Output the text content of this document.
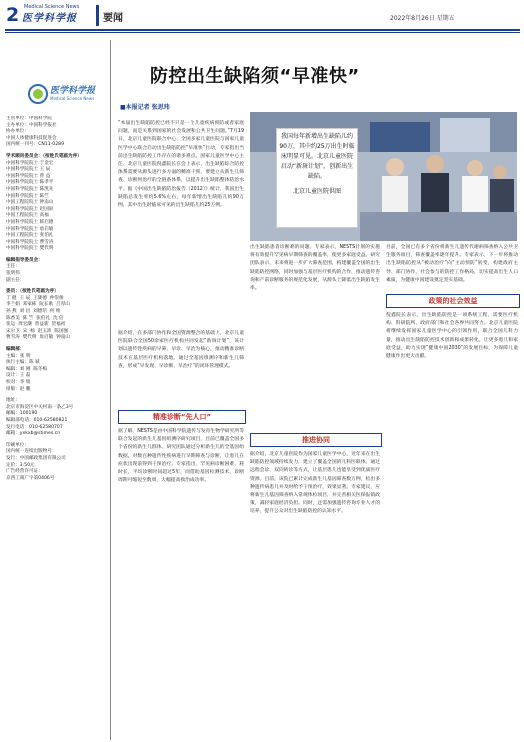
2 Medical Science News
医学科学报	要闻	2022年8月26日 星期五
医学科学报
Medical Science News
主管单位：中国科学院
主办单位：中国科学报社
协办单位：
中国人体健康科技促进会
国内统一刊号：CN11-0289
学术顾问委员会：（按姓氏笔画为序）
中国科学院院士 于金宏
中国科学院院士 王 辰
中国科学院院士 曾 益
中国科学院院士 陈孝平
中国科学院院士 陈凯先
中国科学院院士 陈竺
中国工程院院士 钟南山
中国科学院院士 赵国屏
中国工程院院士 高福
中国科学院院士 韩启德
中国科学院院士 詹启敏
中国工程院院士 张伯礼
中国科学院院士 曹雪涛
中国科学院院士 樊代明
编辑指导委员会：
主任：
张明伟
副主任：
委员：（按姓氏笔画为序）
丁 健  王 辰  王陇德  仲崇俊
李兰娟  邓家栋  阮长耿  吕厚山
孙 燕  刘 昌  刘德培  何 维
陈香美  陈 竺  张伯礼  沈 倍
张运  周宏灏  曾益新  贺福初
宋尔卫  宋  杨  赵玉沛  陈国强
曹雪涛  樊代明  詹启敏  钟南山
编辑部：
主编：张 明
执行主编：陈 斌
编辑：刘 刚  陈冬梅
设计：王 磊
校对：李 娟
排版：赵 鹏
地址：
北京市海淀区中关村南一条乙3号
邮编：100190
编辑部电话：010-62580821
发行电话：010-62580707
邮箱：yxkxb@stimes.cn
印刷单位：
国内统一连续出版物号：
发行：中国邮政集团有限公司
定价：3.50元
广告经营许可证：
京西工商广字第0406号
防控出生缺陷须“早准快”
■本报记者 张思玮
我国每年新增出生缺陷儿约90万，其中约25万出生时临床明显可见。北京儿童医院启动“新斑计划”，创新出生缺陷。
北京儿童医院供图
“本届出生缺陷防控已经不只是一个儿童疾病预防或者家庭问题，而是关系到国家的社会发展和公共卫生问题。”7月19日，北京儿童医院联合中心、全国多家儿童医院与国家儿童医学中心联合启动出生缺陷防控“早准快”行动，专家指出当前出生缺陷防控工作存在的诸多难点。国家儿童医学中心主任、北京儿童医院倪鑫院长在会上表示，出生缺陷综合防控体系需要从源头进行多方面的精准干预，要建立从新生儿筛查、诊断到治疗的全链条体系，以提升出生缺陷整体防治水平。据《中国出生缺陷防治报告（2012）》统计，我国出生缺陷总发生率约5.6%左右，每年新增出生缺陷儿约90万例，其中出生时临床可见的出生缺陷儿约25万例。
据介绍，在多部门协作和全国资源整合的基础上，北京儿童医院联合全国50余家医疗机构共同发起“新斑计划”，该计划以遗传性疾病的早筛、早诊、早治为核心，推动精准诊断技术在基层医疗机构落地。通过全基因组测序和新生儿筛查，形成“早发现、早诊断、早治疗”的闭环管理模式。
精准诊断“先人口”
据了解，NESTS是由中国科学院遗传与发育生物学研究所等联合发起的新生儿基因组测序研究项目，目前已覆盖全国多个省份的新生儿群体。研究团队通过分析新生儿的全基因组数据，对数百种遗传性疾病进行早期筛查与诊断，让患儿在症状出现前得到干预治疗。专家指出，罕见病诊断困难、耗时长，平均诊断时间超过5年，而借助基因检测技术，诊断周期可缩短至数周，大幅提高救治成功率。
出生缺陷患者诊断难的问题。专家表示，NESTS计划的实施将有效提升罕见病早期筛查的覆盖率，使更多家庭受益。研究团队表示，未来将进一步扩大筛查范围，构建覆盖全国的出生缺陷防控网络，同时加强与基层医疗机构的合作，推动遗传咨询和产前诊断服务的规范化发展，从源头上降低出生缺陷发生率。
推进协同
据介绍，北京儿童医院作为国家儿童医学中心，近年来在出生缺陷防控领域持续发力，建立了覆盖全国的儿科医联体，通过远程会诊、双向转诊等方式，让基层患儿也能享受到优质医疗资源。目前，该院已累计完成新生儿基因筛查数万例，检出多种遗传病患儿并及时给予干预治疗，效果显著。专家建议，应将新生儿基因筛查纳入常规体检项目，并完善相关医保报销政策，减轻家庭经济负担。同时，还需加强遗传咨询专业人才的培养，提升公众对出生缺陷防控的认知水平。
目前，全国已有多个省份将新生儿遗传代谢病筛查纳入公共卫生服务项目，筛查覆盖率逐年提升。专家表示，下一步将推动出生缺陷防控从“被动治疗”向“主动预防”转变，构建政府主导、部门协作、社会参与的防控工作格局，切实提高出生人口素质，为健康中国建设奠定坚实基础。
政策的社会效益
倪鑫院长表示，出生缺陷防控是一项系统工程，需要医疗机构、科研院所、政府部门和社会各界共同努力。北京儿童医院将继续发挥国家儿童医学中心的引领作用，联合全国儿科力量，推动出生缺陷防控技术创新和成果转化，让更多患儿和家庭受益，助力实现“健康中国2030”的发展目标，为保障儿童健康作出更大贡献。
